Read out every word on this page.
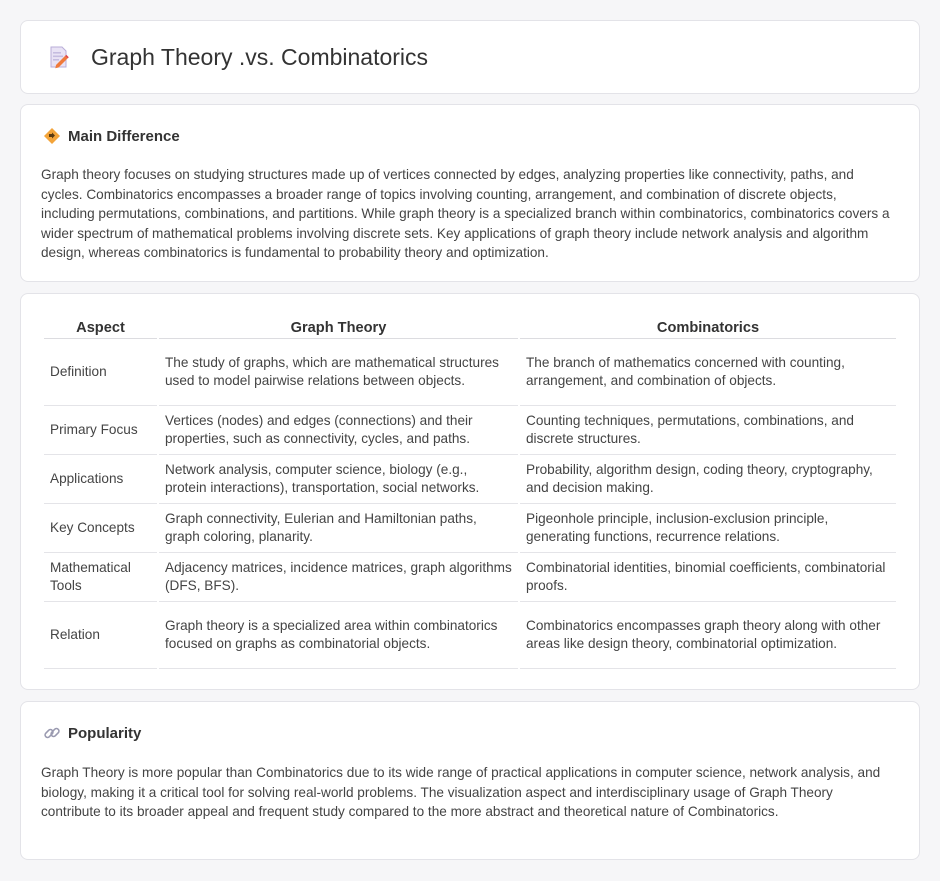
Graph Theory .vs. Combinatorics
Main Difference

Graph theory focuses on studying structures made up of vertices connected by edges, analyzing properties like connectivity, paths, and cycles. Combinatorics encompasses a broader range of topics involving counting, arrangement, and combination of discrete objects, including permutations, combinations, and partitions. While graph theory is a specialized branch within combinatorics, combinatorics covers a wider spectrum of mathematical problems involving discrete sets. Key applications of graph theory include network analysis and algorithm design, whereas combinatorics is fundamental to probability theory and optimization.

Aspect	Graph Theory	Combinatorics
Definition	The study of graphs, which are mathematical structures used to model pairwise relations between objects.	The branch of mathematics concerned with counting, arrangement, and combination of objects.
Primary Focus	Vertices (nodes) and edges (connections) and their properties, such as connectivity, cycles, and paths.	Counting techniques, permutations, combinations, and discrete structures.
Applications	Network analysis, computer science, biology (e.g., protein interactions), transportation, social networks.	Probability, algorithm design, coding theory, cryptography, and decision making.
Key Concepts	Graph connectivity, Eulerian and Hamiltonian paths, graph coloring, planarity.	Pigeonhole principle, inclusion-exclusion principle, generating functions, recurrence relations.
Mathematical Tools	Adjacency matrices, incidence matrices, graph algorithms (DFS, BFS).	Combinatorial identities, binomial coefficients, combinatorial proofs.
Relation	Graph theory is a specialized area within combinatorics focused on graphs as combinatorial objects.	Combinatorics encompasses graph theory along with other areas like design theory, combinatorial optimization.
Popularity

Graph Theory is more popular than Combinatorics due to its wide range of practical applications in computer science, network analysis, and biology, making it a critical tool for solving real-world problems. The visualization aspect and interdisciplinary usage of Graph Theory contribute to its broader appeal and frequent study compared to the more abstract and theoretical nature of Combinatorics.
